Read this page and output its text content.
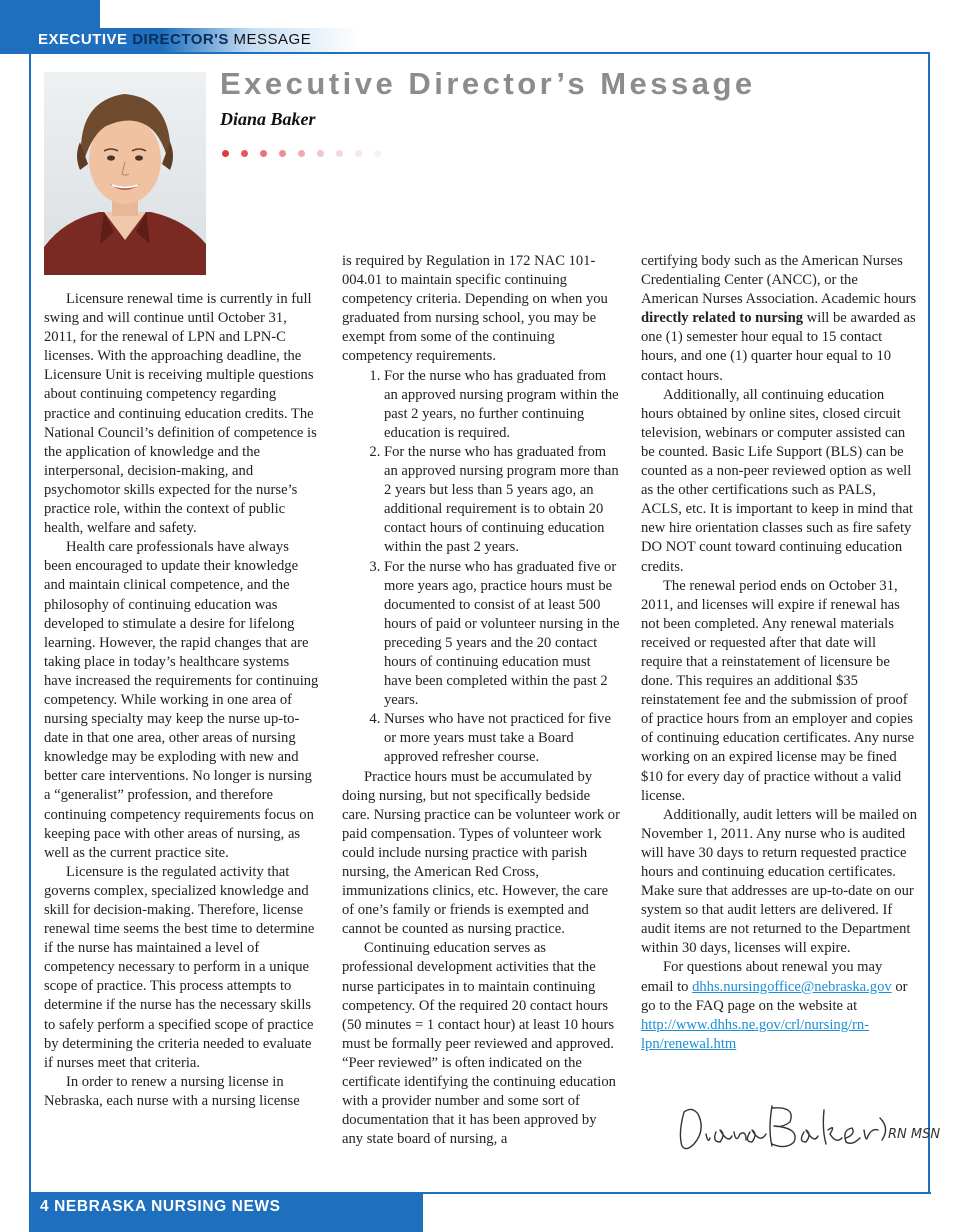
EXECUTIVE DIRECTOR'S MESSAGE
Executive Director’s Message
Diana Baker

Licensure renewal time is currently in full swing and will continue until October 31, 2011, for the renewal of LPN and LPN-C licenses. With the approaching deadline, the Licensure Unit is receiving multiple questions about continuing competency regarding practice and continuing education credits. The National Council’s definition of competence is the application of knowledge and the interpersonal, decision-making, and psychomotor skills expected for the nurse’s practice role, within the context of public health, welfare and safety.

Health care professionals have always been encouraged to update their knowledge and maintain clinical competence, and the philosophy of continuing education was developed to stimulate a desire for lifelong learning. However, the rapid changes that are taking place in today’s healthcare systems have increased the requirements for continuing competency. While working in one area of nursing specialty may keep the nurse up-to-date in that one area, other areas of nursing knowledge may be exploding with new and better care interventions. No longer is nursing a “generalist” profession, and therefore continuing competency requirements focus on keeping pace with other areas of nursing, as well as the current practice site.

Licensure is the regulated activity that governs complex, specialized knowledge and skill for decision-making. Therefore, license renewal time seems the best time to determine if the nurse has maintained a level of competency necessary to perform in a unique scope of practice. This process attempts to determine if the nurse has the necessary skills to safely perform a specified scope of practice by determining the criteria needed to evaluate if nurses meet that criteria.

In order to renew a nursing license in Nebraska, each nurse with a nursing license

is required by Regulation in 172 NAC 101-004.01 to maintain specific continuing competency criteria. Depending on when you graduated from nursing school, you may be exempt from some of the continuing competency requirements.

1. For the nurse who has graduated from an approved nursing program within the past 2 years, no further continuing education is required.
2. For the nurse who has graduated from an approved nursing program more than 2 years but less than 5 years ago, an additional requirement is to obtain 20 contact hours of continuing education within the past 2 years.
3. For the nurse who has graduated five or more years ago, practice hours must be documented to consist of at least 500 hours of paid or volunteer nursing in the preceding 5 years and the 20 contact hours of continuing education must have been completed within the past 2 years.
4. Nurses who have not practiced for five or more years must take a Board approved refresher course.

Practice hours must be accumulated by doing nursing, but not specifically bedside care. Nursing practice can be volunteer work or paid compensation. Types of volunteer work could include nursing practice with parish nursing, the American Red Cross, immunizations clinics, etc. However, the care of one’s family or friends is exempted and cannot be counted as nursing practice.

Continuing education serves as professional development activities that the nurse participates in to maintain continuing competency. Of the required 20 contact hours (50 minutes = 1 contact hour) at least 10 hours must be formally peer reviewed and approved. “Peer reviewed” is often indicated on the certificate identifying the continuing education with a provider number and some sort of documentation that it has been approved by any state board of nursing, a

certifying body such as the American Nurses Credentialing Center (ANCC), or the American Nurses Association. Academic hours directly related to nursing will be awarded as one (1) semester hour equal to 15 contact hours, and one (1) quarter hour equal to 10 contact hours.

Additionally, all continuing education hours obtained by online sites, closed circuit television, webinars or computer assisted can be counted. Basic Life Support (BLS) can be counted as a non-peer reviewed option as well as the other certifications such as PALS, ACLS, etc. It is important to keep in mind that new hire orientation classes such as fire safety DO NOT count toward continuing education credits.

The renewal period ends on October 31, 2011, and licenses will expire if renewal has not been completed. Any renewal materials received or requested after that date will require that a reinstatement of licensure be done. This requires an additional $35 reinstatement fee and the submission of proof of practice hours from an employer and copies of continuing education certificates. Any nurse working on an expired license may be fined $10 for every day of practice without a valid license.

Additionally, audit letters will be mailed on November 1, 2011. Any nurse who is audited will have 30 days to return requested practice hours and continuing education certificates. Make sure that addresses are up-to-date on our system so that audit letters are delivered. If audit items are not returned to the Department within 30 days, licenses will expire.

For questions about renewal you may email to dhhs.nursingoffice@nebraska.gov or go to the FAQ page on the website at http://www.dhhs.ne.gov/crl/nursing/rn-lpn/renewal.htm

RN MSN
4 NEBRASKA NURSING NEWS
